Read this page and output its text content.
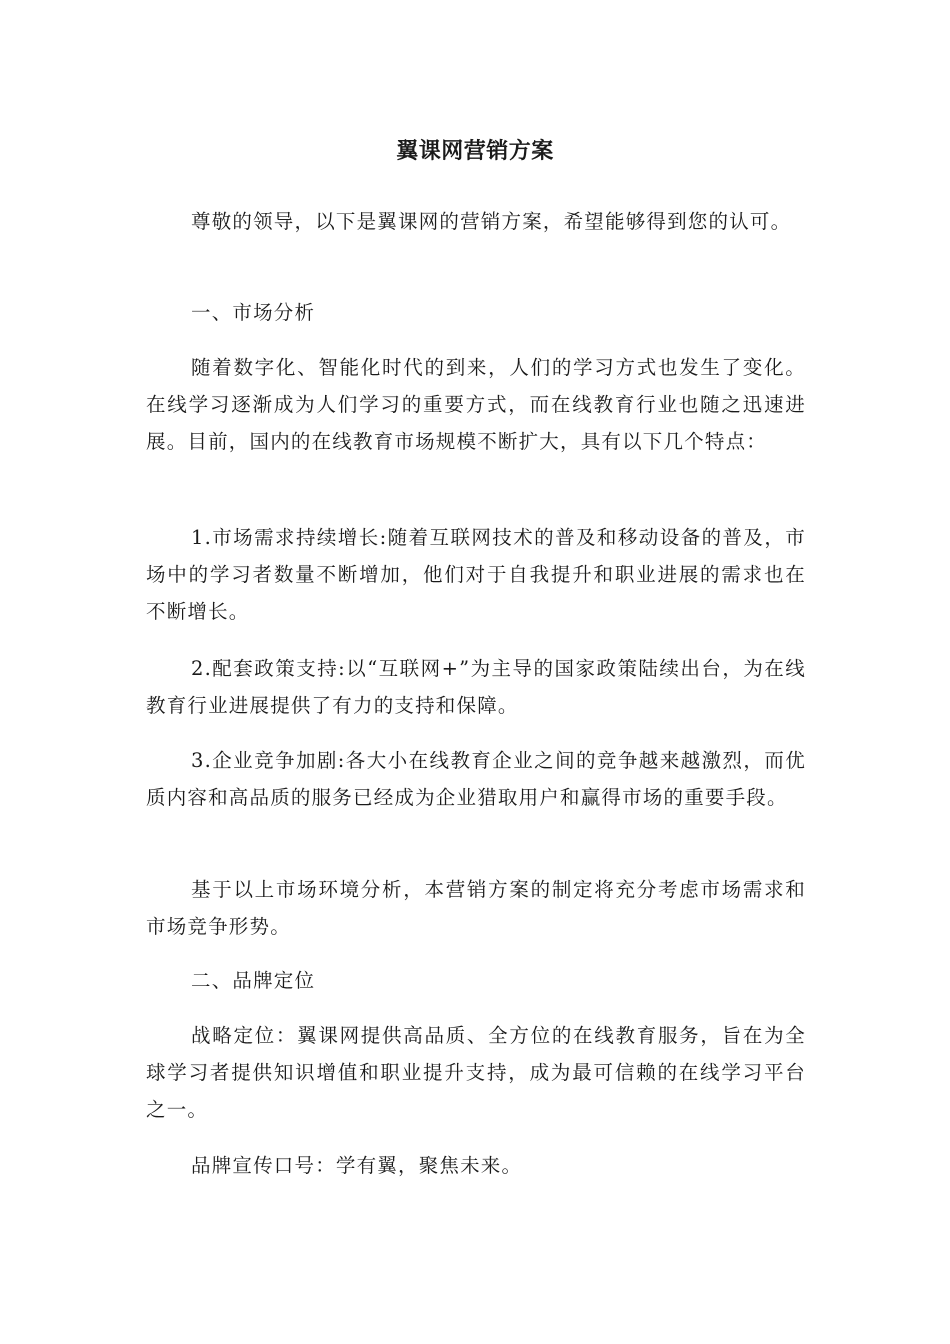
翼课网营销方案

尊敬的领导，以下是翼课网的营销方案，希望能够得到您的认可。

一、市场分析

随着数字化、智能化时代的到来，人们的学习方式也发生了变化。在线学习逐渐成为人们学习的重要方式，而在线教育行业也随之迅速进展。目前，国内的在线教育市场规模不断扩大，具有以下几个特点：

1.市场需求持续增长:随着互联网技术的普及和移动设备的普及，市场中的学习者数量不断增加，他们对于自我提升和职业进展的需求也在不断增长。

2.配套政策支持:以“互联网+”为主导的国家政策陆续出台，为在线教育行业进展提供了有力的支持和保障。

3.企业竞争加剧:各大小在线教育企业之间的竞争越来越激烈，而优质内容和高品质的服务已经成为企业猎取用户和赢得市场的重要手段。

基于以上市场环境分析，本营销方案的制定将充分考虑市场需求和市场竞争形势。

二、品牌定位

战略定位：翼课网提供高品质、全方位的在线教育服务，旨在为全球学习者提供知识增值和职业提升支持，成为最可信赖的在线学习平台之一。

品牌宣传口号：学有翼，聚焦未来。
